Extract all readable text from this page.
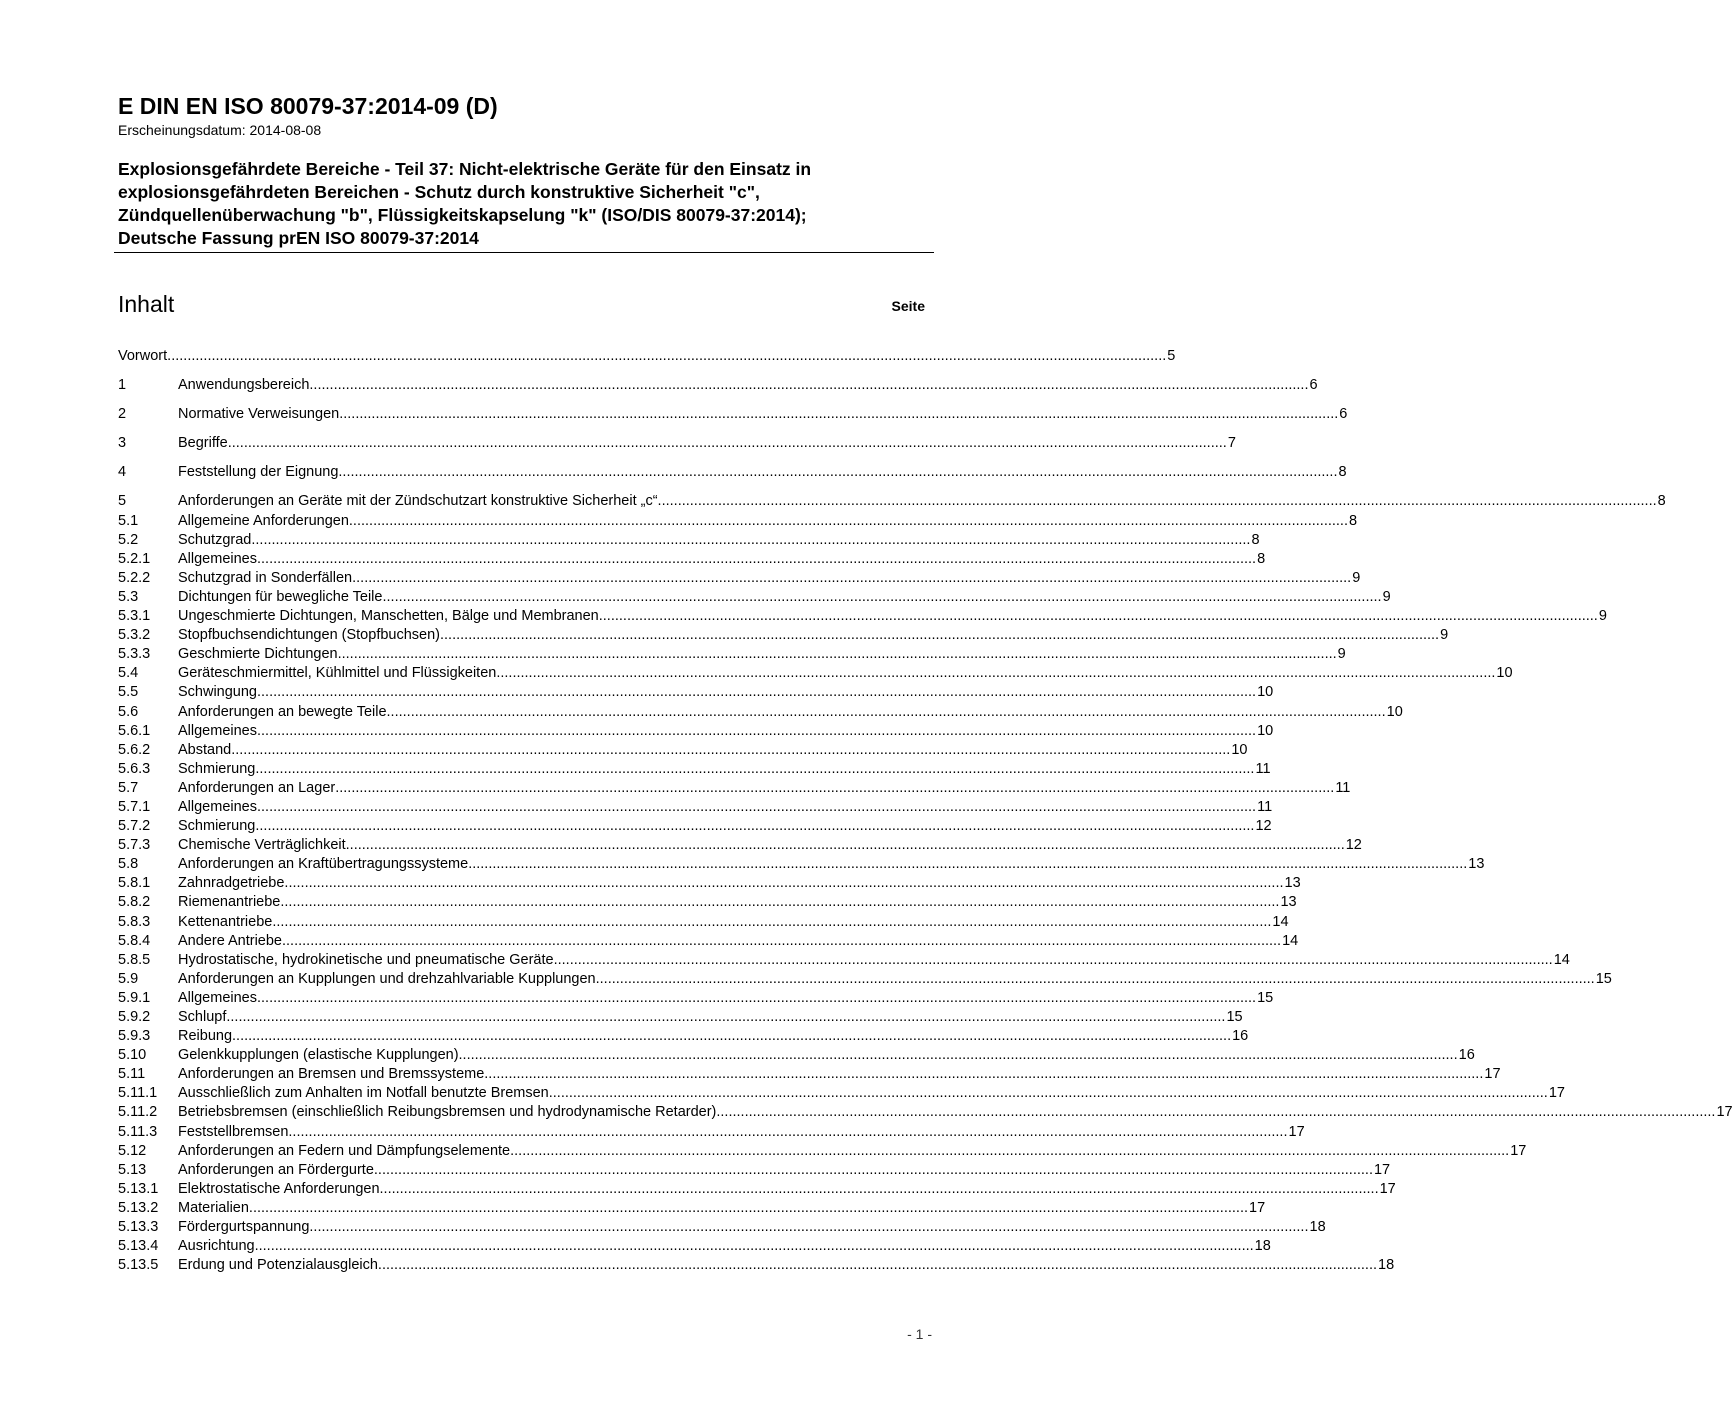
E DIN EN ISO 80079-37:2014-09 (D)
Erscheinungsdatum: 2014-08-08
Explosionsgefährdete Bereiche - Teil 37: Nicht-elektrische Geräte für den Einsatz in
explosionsgefährdeten Bereichen - Schutz durch konstruktive Sicherheit "c",
Zündquellenüberwachung "b", Flüssigkeitskapselung "k" (ISO/DIS 80079-37:2014);
Deutsche Fassung prEN ISO 80079-37:2014
Inhalt	Seite
Vorwort .....	5
1	Anwendungsbereich .....	6
2	Normative Verweisungen .....	6
3	Begriffe .....	7
4	Feststellung der Eignung .....	8
5	Anforderungen an Geräte mit der Zündschutzart konstruktive Sicherheit „c“ .....	8
5.1	Allgemeine Anforderungen .....	8
5.2	Schutzgrad .....	8
5.2.1	Allgemeines .....	8
5.2.2	Schutzgrad in Sonderfällen .....	9
5.3	Dichtungen für bewegliche Teile .....	9
5.3.1	Ungeschmierte Dichtungen, Manschetten, Bälge und Membranen .....	9
5.3.2	Stopfbuchsendichtungen (Stopfbuchsen) .....	9
5.3.3	Geschmierte Dichtungen .....	9
5.4	Geräteschmiermittel, Kühlmittel und Flüssigkeiten .....	10
5.5	Schwingung .....	10
5.6	Anforderungen an bewegte Teile .....	10
5.6.1	Allgemeines .....	10
5.6.2	Abstand .....	10
5.6.3	Schmierung .....	11
5.7	Anforderungen an Lager .....	11
5.7.1	Allgemeines .....	11
5.7.2	Schmierung .....	12
5.7.3	Chemische Verträglichkeit .....	12
5.8	Anforderungen an Kraftübertragungssysteme .....	13
5.8.1	Zahnradgetriebe .....	13
5.8.2	Riemenantriebe .....	13
5.8.3	Kettenantriebe .....	14
5.8.4	Andere Antriebe .....	14
5.8.5	Hydrostatische, hydrokinetische und pneumatische Geräte .....	14
5.9	Anforderungen an Kupplungen und drehzahlvariable Kupplungen .....	15
5.9.1	Allgemeines .....	15
5.9.2	Schlupf .....	15
5.9.3	Reibung .....	16
5.10	Gelenkkupplungen (elastische Kupplungen) .....	16
5.11	Anforderungen an Bremsen und Bremssysteme .....	17
5.11.1	Ausschließlich zum Anhalten im Notfall benutzte Bremsen .....	17
5.11.2	Betriebsbremsen (einschließlich Reibungsbremsen und hydrodynamische Retarder) .....	17
5.11.3	Feststellbremsen .....	17
5.12	Anforderungen an Federn und Dämpfungselemente .....	17
5.13	Anforderungen an Fördergurte .....	17
5.13.1	Elektrostatische Anforderungen .....	17
5.13.2	Materialien .....	17
5.13.3	Fördergurtspannung .....	18
5.13.4	Ausrichtung .....	18
5.13.5	Erdung und Potenzialausgleich .....	18
- 1 -
